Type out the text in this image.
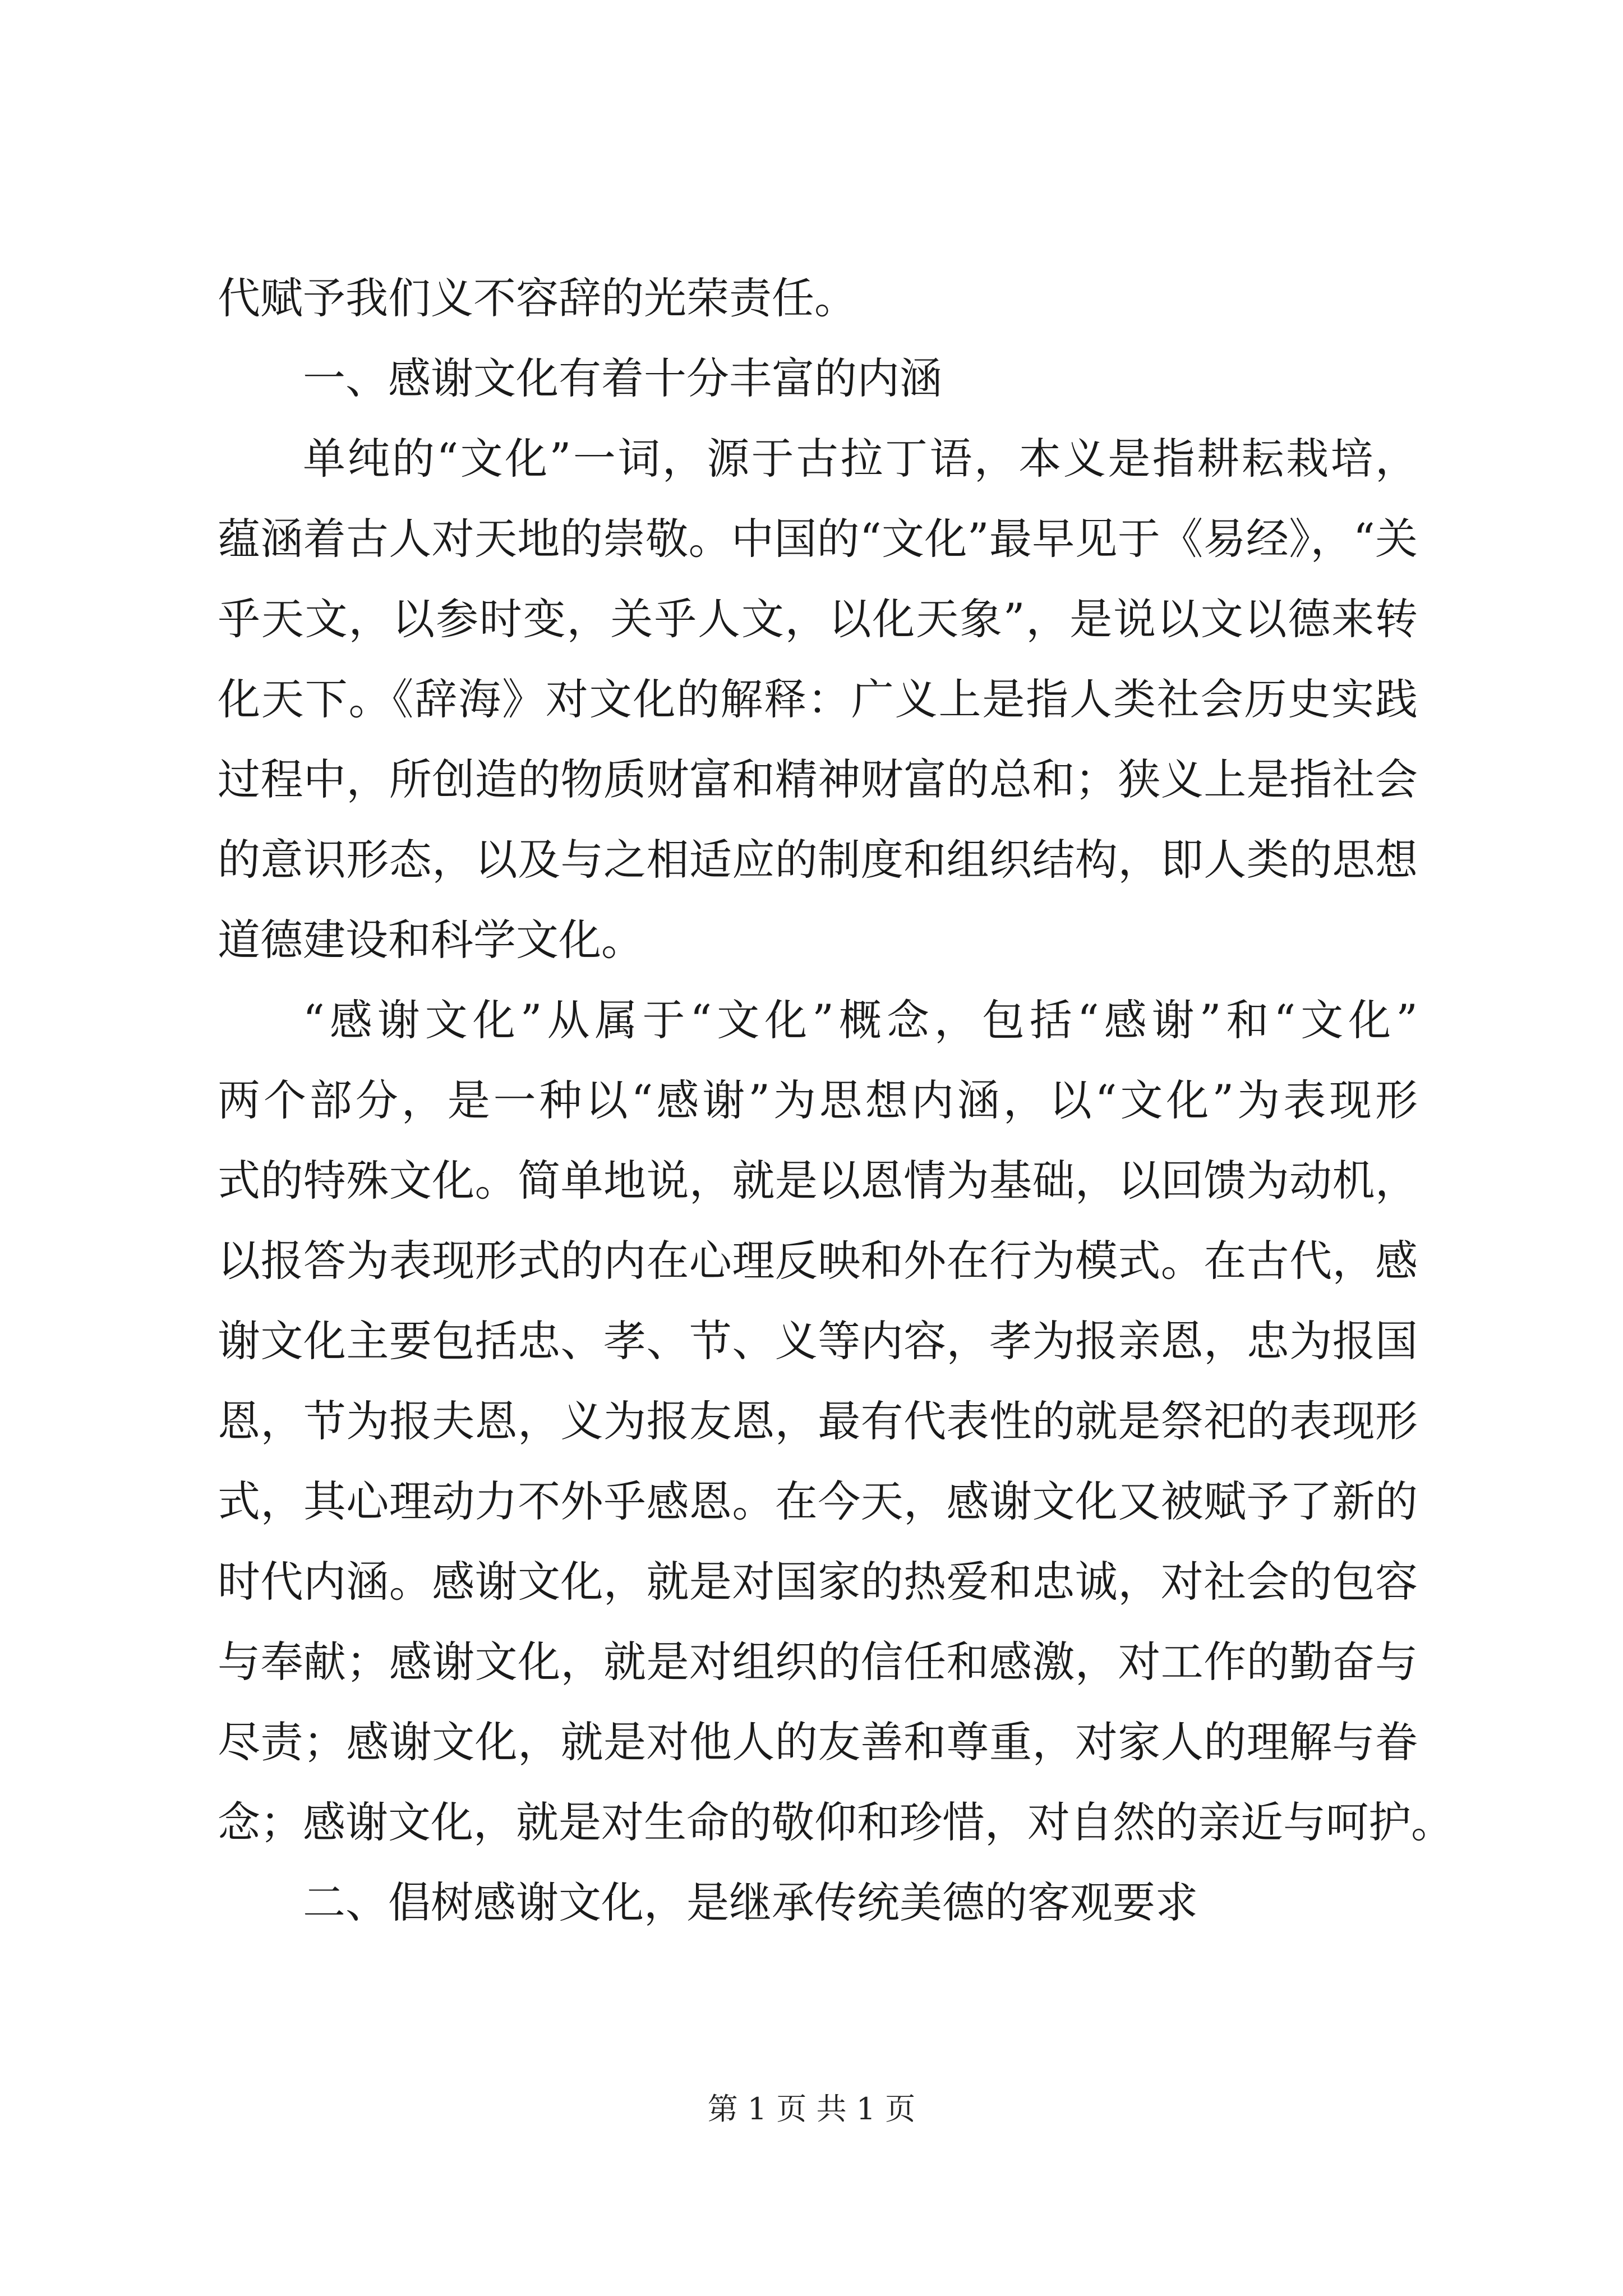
代赋予我们义不容辞的光荣责任。
一、感谢文化有着十分丰富的内涵
单纯的“文化”一词，源于古拉丁语，本义是指耕耘栽培，
蕴涵着古人对天地的崇敬。中国的“文化”最早见于《易经》，“关
乎天文，以参时变，关乎人文，以化天象”，是说以文以德来转
化天下。《辞海》对文化的解释：广义上是指人类社会历史实践
过程中，所创造的物质财富和精神财富的总和；狭义上是指社会
的意识形态，以及与之相适应的制度和组织结构，即人类的思想
道德建设和科学文化。
“感谢文化”从属于“文化”概念，包括“感谢”和“文化”
两个部分，是一种以“感谢”为思想内涵，以“文化”为表现形
式的特殊文化。简单地说，就是以恩情为基础，以回馈为动机，
以报答为表现形式的内在心理反映和外在行为模式。在古代，感
谢文化主要包括忠、孝、节、义等内容，孝为报亲恩，忠为报国
恩，节为报夫恩，义为报友恩，最有代表性的就是祭祀的表现形
式，其心理动力不外乎感恩。在今天，感谢文化又被赋予了新的
时代内涵。感谢文化，就是对国家的热爱和忠诚，对社会的包容
与奉献；感谢文化，就是对组织的信任和感激，对工作的勤奋与
尽责；感谢文化，就是对他人的友善和尊重，对家人的理解与眷
念；感谢文化，就是对生命的敬仰和珍惜，对自然的亲近与呵护。
二、倡树感谢文化，是继承传统美德的客观要求
第 1 页 共 1 页
